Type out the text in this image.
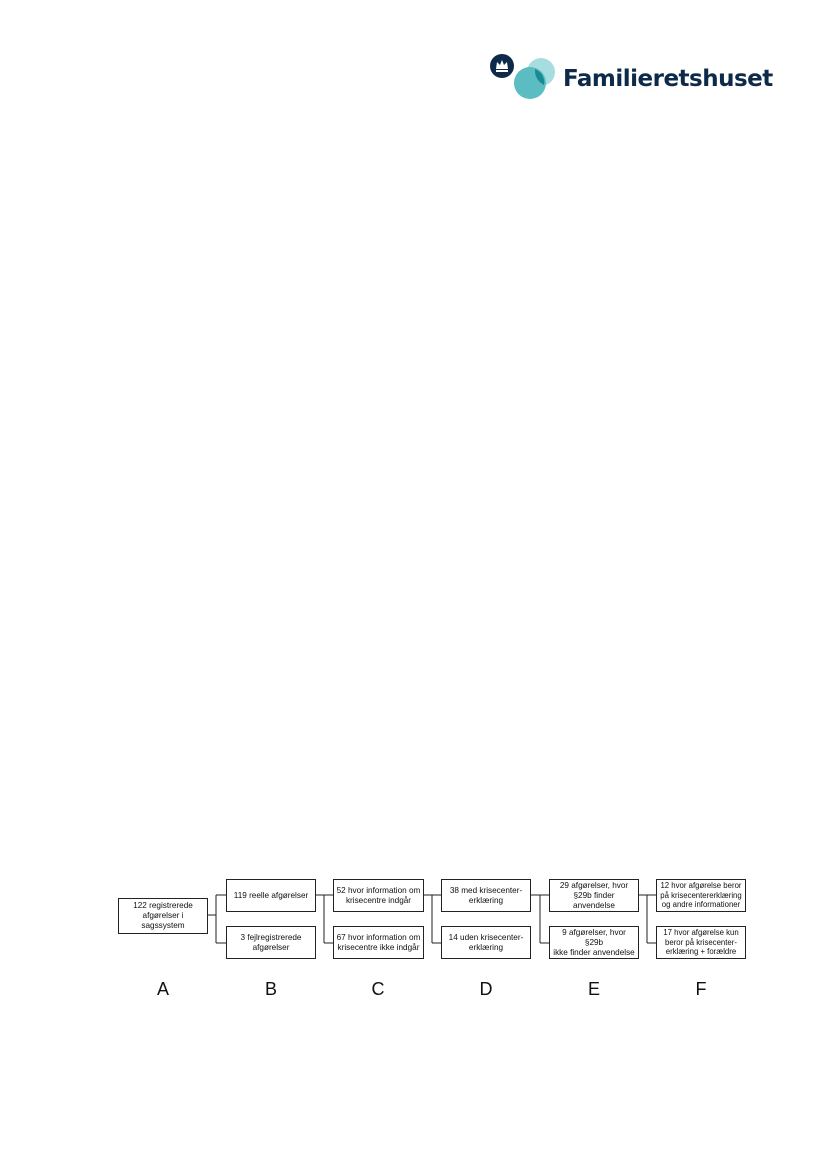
Familieretshuset
122 registrerede
afgørelser i sagssystem
119 reelle afgørelser
3 fejlregistrerede
afgørelser
52 hvor information om
krisecentre indgår
67 hvor information om
krisecentre ikke indgår
38 med krisecenter-
erklæring
14 uden krisecenter-
erklæring
29 afgørelser, hvor
§29b finder anvendelse
9 afgørelser, hvor §29b
ikke finder anvendelse
12 hvor afgørelse beror
på krisecentererklæring
og andre informationer
17 hvor afgørelse kun
beror på krisecenter-
erklæring + forældre
A	B	C	D	E	F
